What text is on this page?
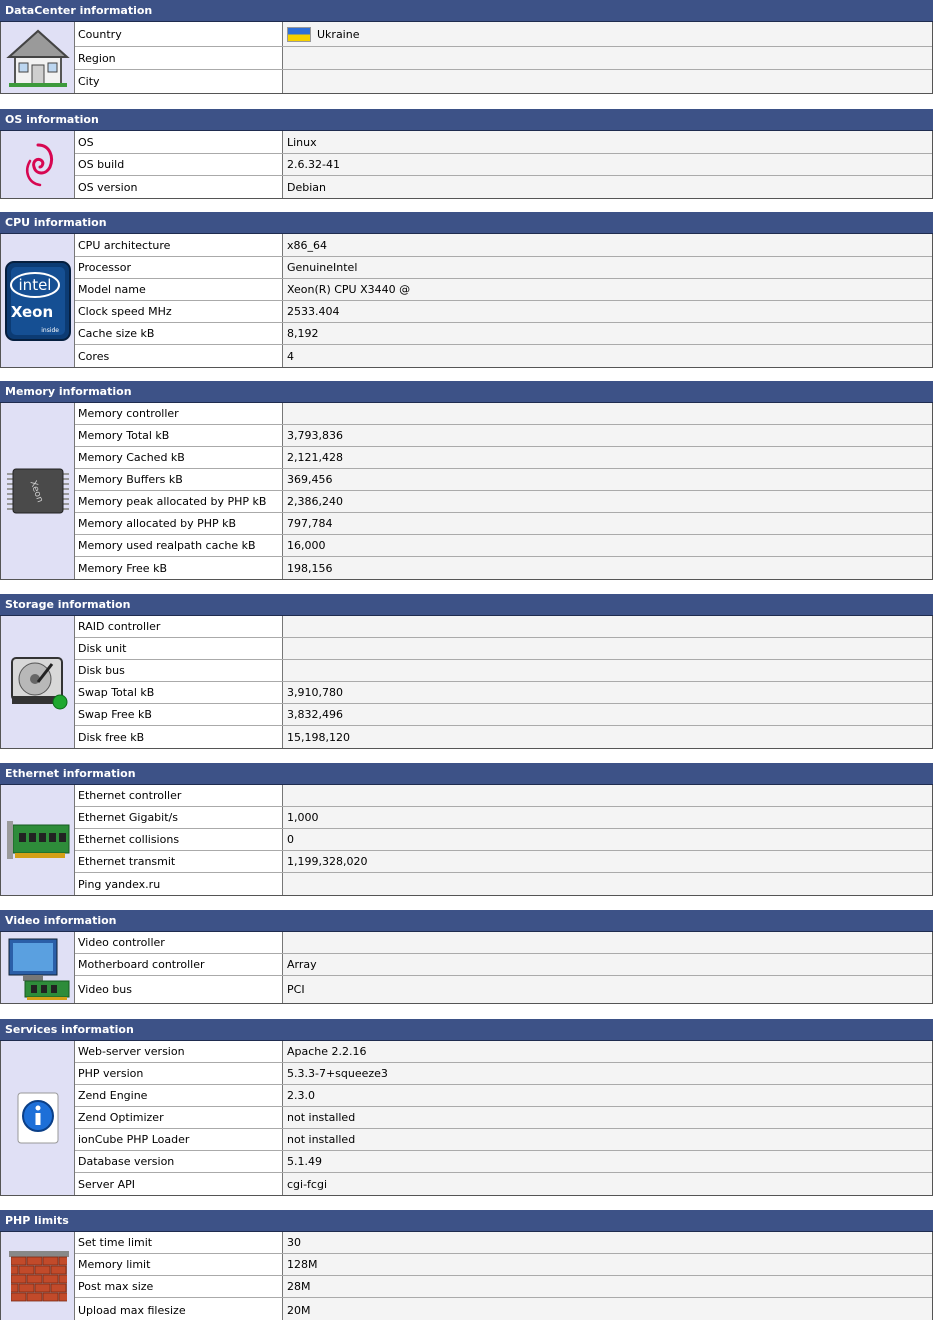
DataCenter information
Country	Ukraine
Region
City
OS information
OS	Linux
OS build	2.6.32-41
OS version	Debian
CPU information
intel
Xeon
inside
CPU architecture	x86_64
Processor	GenuineIntel
Model name	Xeon(R) CPU X3440 @
Clock speed MHz	2533.404
Cache size kB	8,192
Cores	4
Memory information
Xeon
Memory controller
Memory Total kB	3,793,836
Memory Cached kB	2,121,428
Memory Buffers kB	369,456
Memory peak allocated by PHP kB	2,386,240
Memory allocated by PHP kB	797,784
Memory used realpath cache kB	16,000
Memory Free kB	198,156
Storage information
RAID controller
Disk unit
Disk bus
Swap Total kB	3,910,780
Swap Free kB	3,832,496
Disk free kB	15,198,120
Ethernet information
Ethernet controller
Ethernet Gigabit/s	1,000
Ethernet collisions	0
Ethernet transmit	1,199,328,020
Ping yandex.ru
Video information
Video controller
Motherboard controller	Array
Video bus	PCI
Services information
Web-server version	Apache 2.2.16
PHP version	5.3.3-7+squeeze3
Zend Engine	2.3.0
Zend Optimizer	not installed
ionCube PHP Loader	not installed
Database version	5.1.49
Server API	cgi-fcgi
PHP limits
Set time limit	30
Memory limit	128M
Post max size	28M
Upload max filesize	20M
